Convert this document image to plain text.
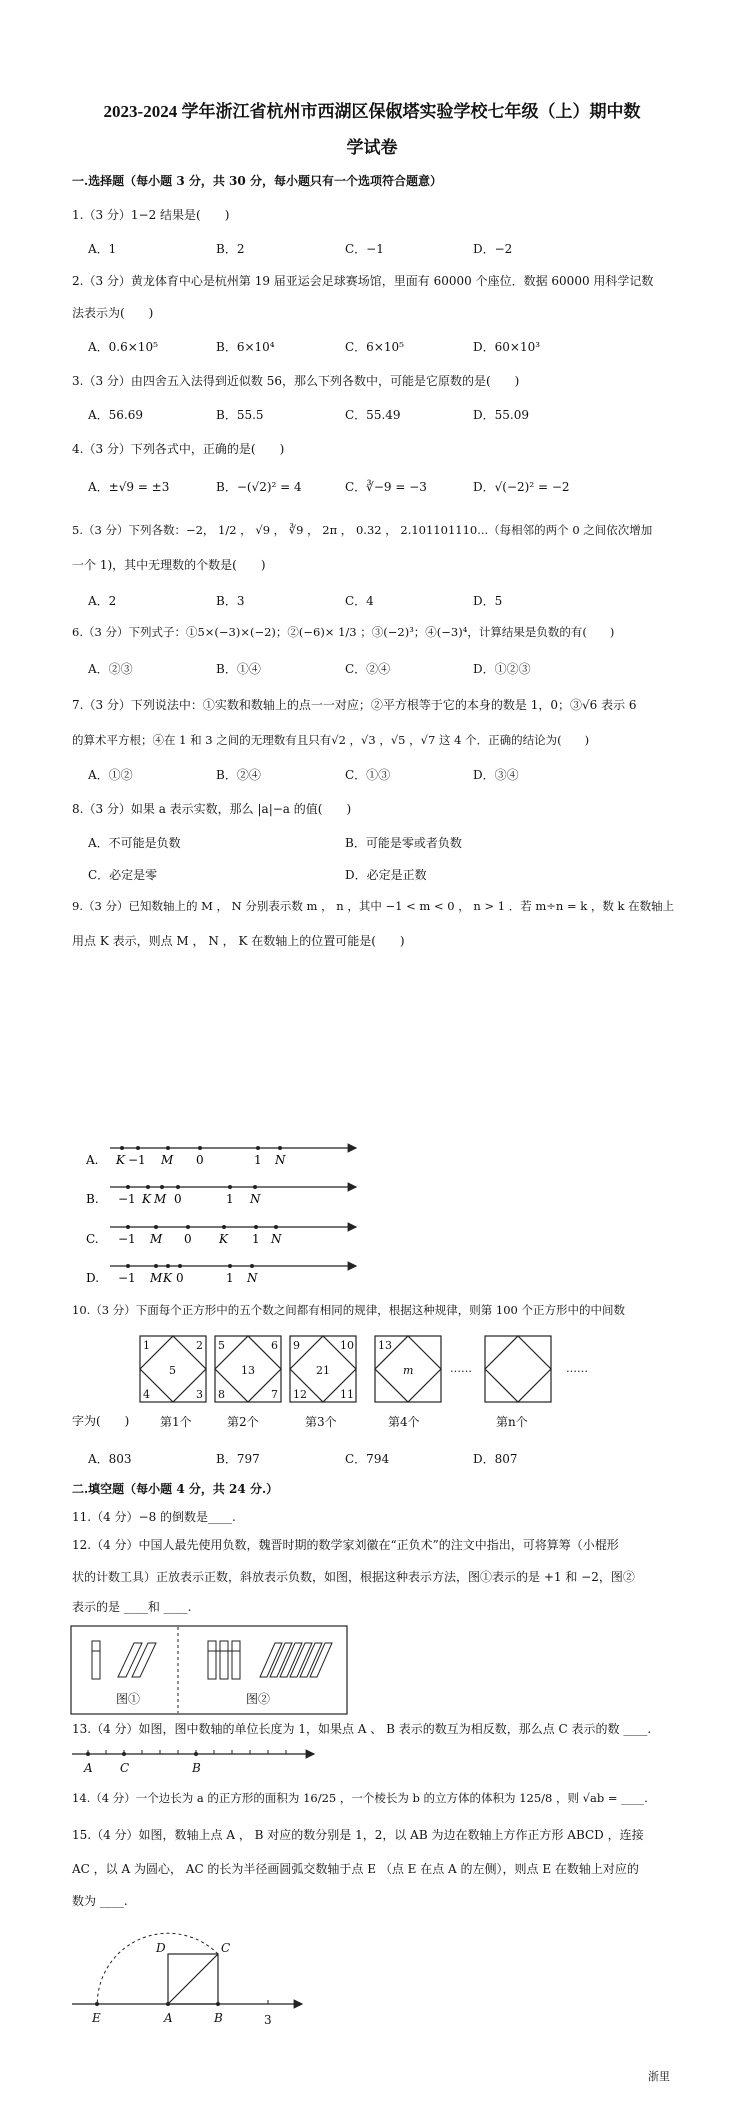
2023-2024 学年浙江省杭州市西湖区保俶塔实验学校七年级（上）期中数
学试卷
一.选择题（每小题 3 分，共 30 分，每小题只有一个选项符合题意）
1.（3 分）1−2 结果是(　　)
A．1	B．2	C．−1	D．−2
2.（3 分）黄龙体育中心是杭州第 19 届亚运会足球赛场馆，里面有 60000 个座位．数据 60000 用科学记数
法表示为(　　)
A．0.6×10⁵	B．6×10⁴	C．6×10⁵	D．60×10³
3.（3 分）由四舍五入法得到近似数 56，那么下列各数中，可能是它原数的是(　　)
A．56.69	B．55.5	C．55.49	D．55.09
4.（3 分）下列各式中，正确的是(　　)
A．±√9 = ±3	B．−(√2)² = 4	C．∛−9 = −3	D．√(−2)² = −2
5.（3 分）下列各数：−2， 1/2 ， √9 ， ∛9 ， 2π ， 0.32 ， 2.101101110...（每相邻的两个 0 之间依次增加
一个 1)，其中无理数的个数是(　　)
A．2	B．3	C．4	D．5
6.（3 分）下列式子：①5×(−3)×(−2)；②(−6)× 1/3 ；③(−2)³；④(−3)⁴，计算结果是负数的有(　　)
A．②③	B．①④	C．②④	D．①②③
7.（3 分）下列说法中：①实数和数轴上的点一一对应；②平方根等于它的本身的数是 1，0；③√6 表示 6
的算术平方根；④在 1 和 3 之间的无理数有且只有√2 ，√3 ，√5 ，√7 这 4 个．正确的结论为(　　)
A．①②	B．②④	C．①③	D．③④
8.（3 分）如果 a 表示实数，那么 |a|−a 的值(　　)
A．不可能是负数	B．可能是零或者负数
C．必定是零	D．必定是正数
9.（3 分）已知数轴上的 M ， N 分别表示数 m ， n ，其中 −1 < m < 0 ， n > 1 ．若 m÷n = k ，数 k 在数轴上
用点 K 表示，则点 M ， N ， K 在数轴上的位置可能是(　　)
A. K −1 M 0	1 N
B. −1 K M 0	1 N
C. −1 M 0 K 1 N
D. −1 M K 0	1 N
10.（3 分）下面每个正方形中的五个数之间都有相同的规律，根据这种规律，则第 100 个正方形中的中间数
5
1	2
4	3
13
5	6
8	7
21
9	10
12	11
m
13
……	……
第1个	第2个	第3个	第4个	第n个
字为(　　)
A．803	B．797	C．794	D．807
二.填空题（每小题 4 分，共 24 分.）
11.（4 分）−8 的倒数是____.
12.（4 分）中国人最先使用负数，魏晋时期的数学家刘徽在“正负术”的注文中指出，可将算筹（小棍形
状的计数工具）正放表示正数，斜放表示负数，如图，根据这种表示方法，图①表示的是 +1 和 −2，图②
表示的是 ____和 ____.
图①	图②
13.（4 分）如图，图中数轴的单位长度为 1，如果点 A 、 B 表示的数互为相反数，那么点 C 表示的数 ____.
A C	B
14.（4 分）一个边长为 a 的正方形的面积为 16/25 ，一个棱长为 b 的立方体的体积为 125/8 ，则 √ab = ____.
15.（4 分）如图，数轴上点 A ， B 对应的数分别是 1，2，以 AB 为边在数轴上方作正方形 ABCD ，连接
AC ，以 A 为圆心， AC 的长为半径画圆弧交数轴于点 E （点 E 在点 A 的左侧），则点 E 在数轴上对应的
数为 ____.
D	C
E	A	B	3
浙里
